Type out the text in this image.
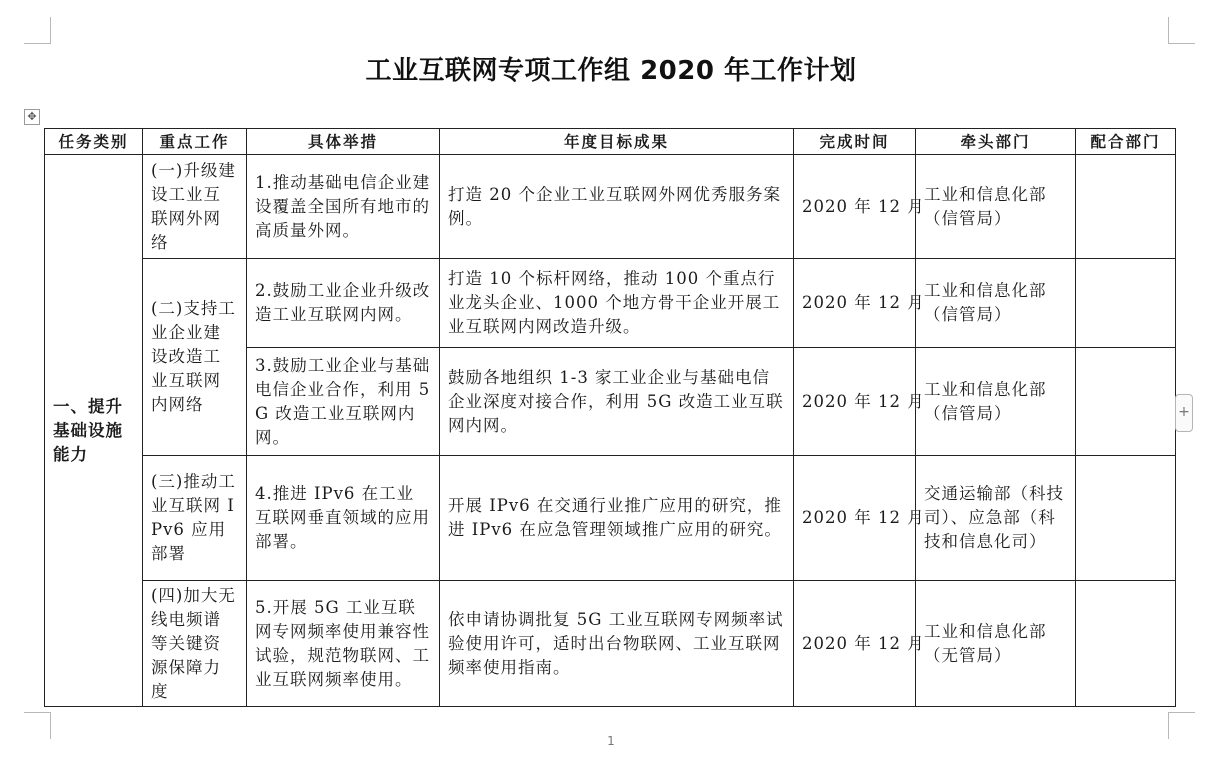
工业互联网专项工作组 2020 年工作计划
✥
任务类别	重点工作	具体举措	年度目标成果	完成时间	牵头部门	配合部门
一、提升基础设施能力	(一)升级建设工业互联网外网络	1.推动基础电信企业建设覆盖全国所有地市的高质量外网。	打造 20 个企业工业互联网外网优秀服务案例。	2020 年 12 月	工业和信息化部（信管局）	
	(二)支持工业企业建设改造工业互联网内网络	2.鼓励工业企业升级改造工业互联网内网。	打造 10 个标杆网络，推动 100 个重点行业龙头企业、1000 个地方骨干企业开展工业互联网内网改造升级。	2020 年 12 月	工业和信息化部（信管局）	
		3.鼓励工业企业与基础电信企业合作，利用 5G 改造工业互联网内网。	鼓励各地组织 1-3 家工业企业与基础电信企业深度对接合作，利用 5G 改造工业互联网内网。	2020 年 12 月	工业和信息化部（信管局）	
	(三)推动工业互联网 IPv6 应用部署	4.推进 IPv6 在工业互联网垂直领域的应用部署。	开展 IPv6 在交通行业推广应用的研究，推进 IPv6 在应急管理领域推广应用的研究。	2020 年 12 月	交通运输部（科技司）、应急部（科技和信息化司）	
	(四)加大无线电频谱等关键资源保障力度	5.开展 5G 工业互联网专网频率使用兼容性试验，规范物联网、工业互联网频率使用。	依申请协调批复 5G 工业互联网专网频率试验使用许可，适时出台物联网、工业互联网频率使用指南。	2020 年 12 月	工业和信息化部（无管局）	
+
1
